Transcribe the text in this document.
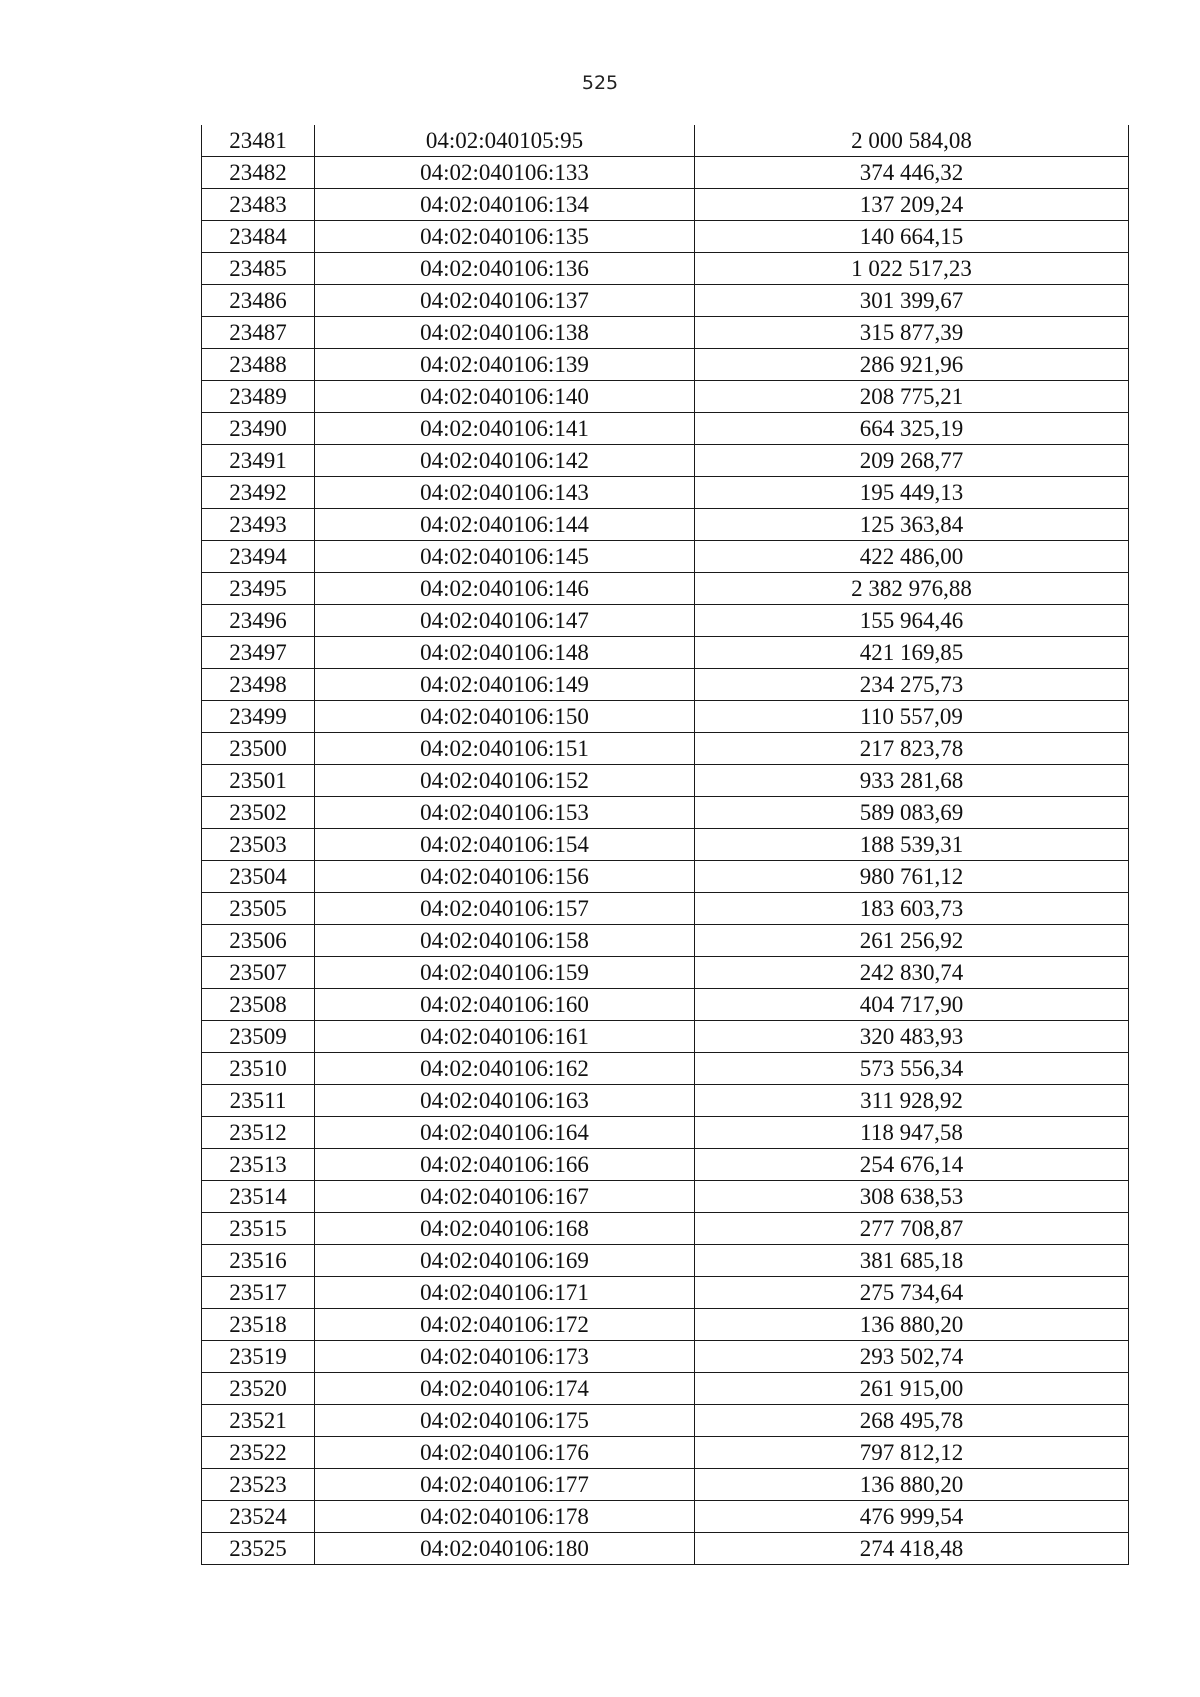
525
23481	04:02:040105:95	2 000 584,08
23482	04:02:040106:133	374 446,32
23483	04:02:040106:134	137 209,24
23484	04:02:040106:135	140 664,15
23485	04:02:040106:136	1 022 517,23
23486	04:02:040106:137	301 399,67
23487	04:02:040106:138	315 877,39
23488	04:02:040106:139	286 921,96
23489	04:02:040106:140	208 775,21
23490	04:02:040106:141	664 325,19
23491	04:02:040106:142	209 268,77
23492	04:02:040106:143	195 449,13
23493	04:02:040106:144	125 363,84
23494	04:02:040106:145	422 486,00
23495	04:02:040106:146	2 382 976,88
23496	04:02:040106:147	155 964,46
23497	04:02:040106:148	421 169,85
23498	04:02:040106:149	234 275,73
23499	04:02:040106:150	110 557,09
23500	04:02:040106:151	217 823,78
23501	04:02:040106:152	933 281,68
23502	04:02:040106:153	589 083,69
23503	04:02:040106:154	188 539,31
23504	04:02:040106:156	980 761,12
23505	04:02:040106:157	183 603,73
23506	04:02:040106:158	261 256,92
23507	04:02:040106:159	242 830,74
23508	04:02:040106:160	404 717,90
23509	04:02:040106:161	320 483,93
23510	04:02:040106:162	573 556,34
23511	04:02:040106:163	311 928,92
23512	04:02:040106:164	118 947,58
23513	04:02:040106:166	254 676,14
23514	04:02:040106:167	308 638,53
23515	04:02:040106:168	277 708,87
23516	04:02:040106:169	381 685,18
23517	04:02:040106:171	275 734,64
23518	04:02:040106:172	136 880,20
23519	04:02:040106:173	293 502,74
23520	04:02:040106:174	261 915,00
23521	04:02:040106:175	268 495,78
23522	04:02:040106:176	797 812,12
23523	04:02:040106:177	136 880,20
23524	04:02:040106:178	476 999,54
23525	04:02:040106:180	274 418,48
